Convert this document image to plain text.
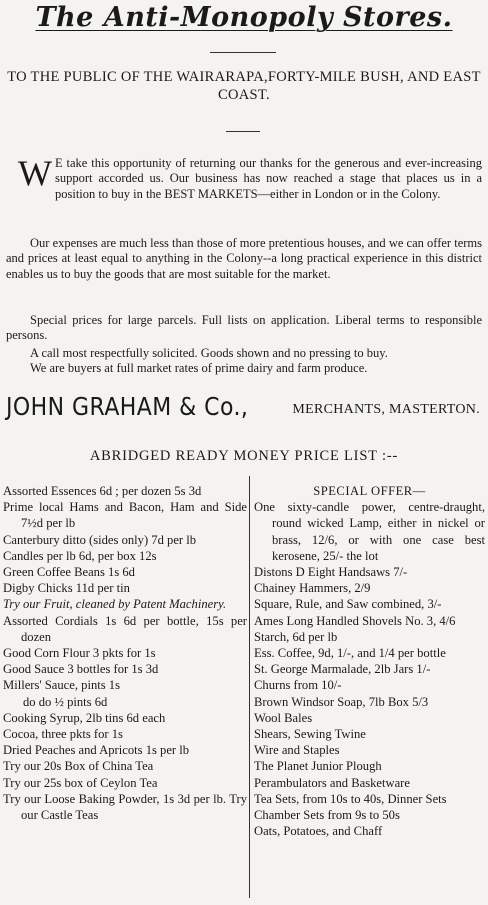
The Anti-Monopoly Stores.
TO THE PUBLIC OF THE WAIRARAPA,FORTY-MILE BUSH, AND EAST COAST.
W E take this opportunity of returning our thanks for the generous and ever-increasing support accorded us. Our business has now reached a stage that places us in a position to buy in the BEST MARKETS—either in London or in the Colony.
Our expenses are much less than those of more pretentious houses, and we can offer terms and prices at least equal to anything in the Colony--a long practical experience in this district enables us to buy the goods that are most suitable for the market.
Special prices for large parcels. Full lists on application. Liberal terms to responsible persons.
A call most respectfully solicited. Goods shown and no pressing to buy.
We are buyers at full market rates of prime dairy and farm produce.
JOHN GRAHAM & Co.,	MERCHANTS, MASTERTON.
ABRIDGED READY MONEY PRICE LIST :--
Assorted Essences 6d ; per dozen 5s 3d
Prime local Hams and Bacon, Ham and Side 7½d per lb
Canterbury ditto (sides only) 7d per lb
Candles per lb 6d, per box 12s
Green Coffee Beans 1s 6d
Digby Chicks 11d per tin
Try our Fruit, cleaned by Patent Machinery.
Assorted Cordials 1s 6d per bottle, 15s per dozen
Good Corn Flour 3 pkts for 1s
Good Sauce 3 bottles for 1s 3d
Millers' Sauce, pints 1s
do do ½ pints 6d
Cooking Syrup, 2lb tins 6d each
Cocoa, three pkts for 1s
Dried Peaches and Apricots 1s per lb
Try our 20s Box of China Tea
Try our 25s box of Ceylon Tea
Try our Loose Baking Powder, 1s 3d per lb. Try our Castle Teas
SPECIAL OFFER—
One sixty-candle power, centre-draught, round wicked Lamp, either in nickel or brass, 12/6, or with one case best kerosene, 25/- the lot
Distons D Eight Handsaws 7/-
Chainey Hammers, 2/9
Square, Rule, and Saw combined, 3/-
Ames Long Handled Shovels No. 3, 4/6
Starch, 6d per lb
Ess. Coffee, 9d, 1/-, and 1/4 per bottle
St. George Marmalade, 2lb Jars 1/-
Churns from 10/-
Brown Windsor Soap, 7lb Box 5/3
Wool Bales
Shears, Sewing Twine
Wire and Staples
The Planet Junior Plough
Perambulators and Basketware
Tea Sets, from 10s to 40s, Dinner Sets
Chamber Sets from 9s to 50s
Oats, Potatoes, and Chaff
